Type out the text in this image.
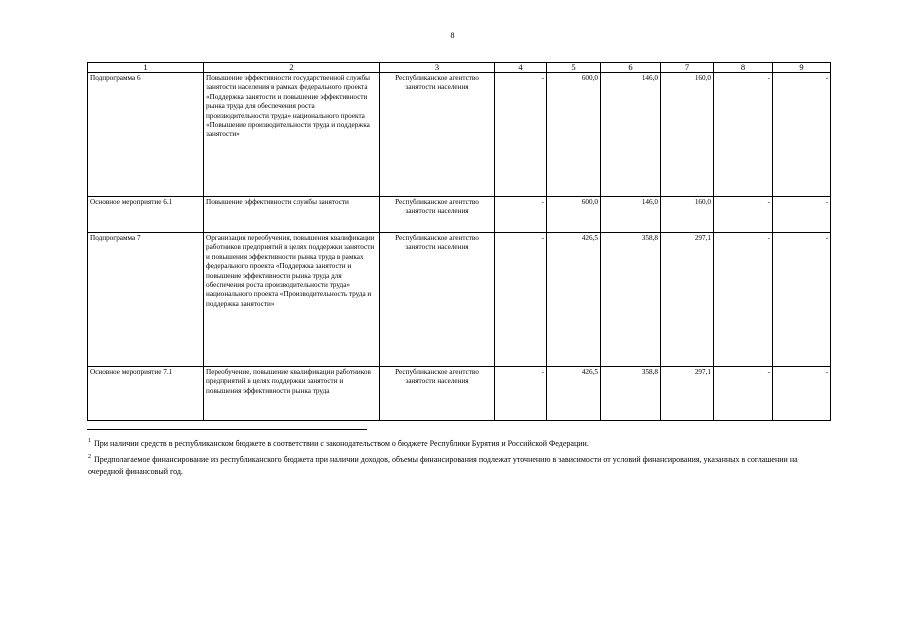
8
1	2	3	4	5	6	7	8	9
Подпрограмма 6	Повышение эффективности государственной службы занятости населения в рамках федерального проекта «Поддержка занятости и повышение эффективности рынка труда для обеспечения роста производительности труда» национального проекта «Повышение производительности труда и поддержка занятости»	Республиканское агентство занятости населения	-	600,0	146,0	160,0	-	-
Основное мероприятие 6.1	Повышение эффективности службы занятости	Республиканское агентство занятости населения	-	600,0	146,0	160,0	-	-
Подпрограмма 7	Организация переобучения, повышения квалификации работников предприятий в целях поддержки занятости и повышения эффективности рынка труда в рамках федерального проекта «Поддержка занятости и повышение эффективности рынка труда для обеспечения роста производительности труда» национального проекта «Производительность труда и поддержка занятости»	Республиканское агентство занятости населения	-	426,5	358,8	297,1	-	-
Основное мероприятие 7.1	Переобучение, повышение квалификации работников предприятий в целях поддержки занятости и повышения эффективности рынка труда	Республиканское агентство занятости населения	-	426,5	358,8	297,1	-	-
$^1$ При наличии средств в республиканском бюджете в соответствии с законодательством о бюджете Республики Бурятия и Российской Федерации.
$^2$ Предполагаемое финансирование из республиканского бюджета при наличии доходов, объемы финансирования подлежат уточнению в зависимости от условий финансирования, указанных в соглашении на очередной финансовый год.
